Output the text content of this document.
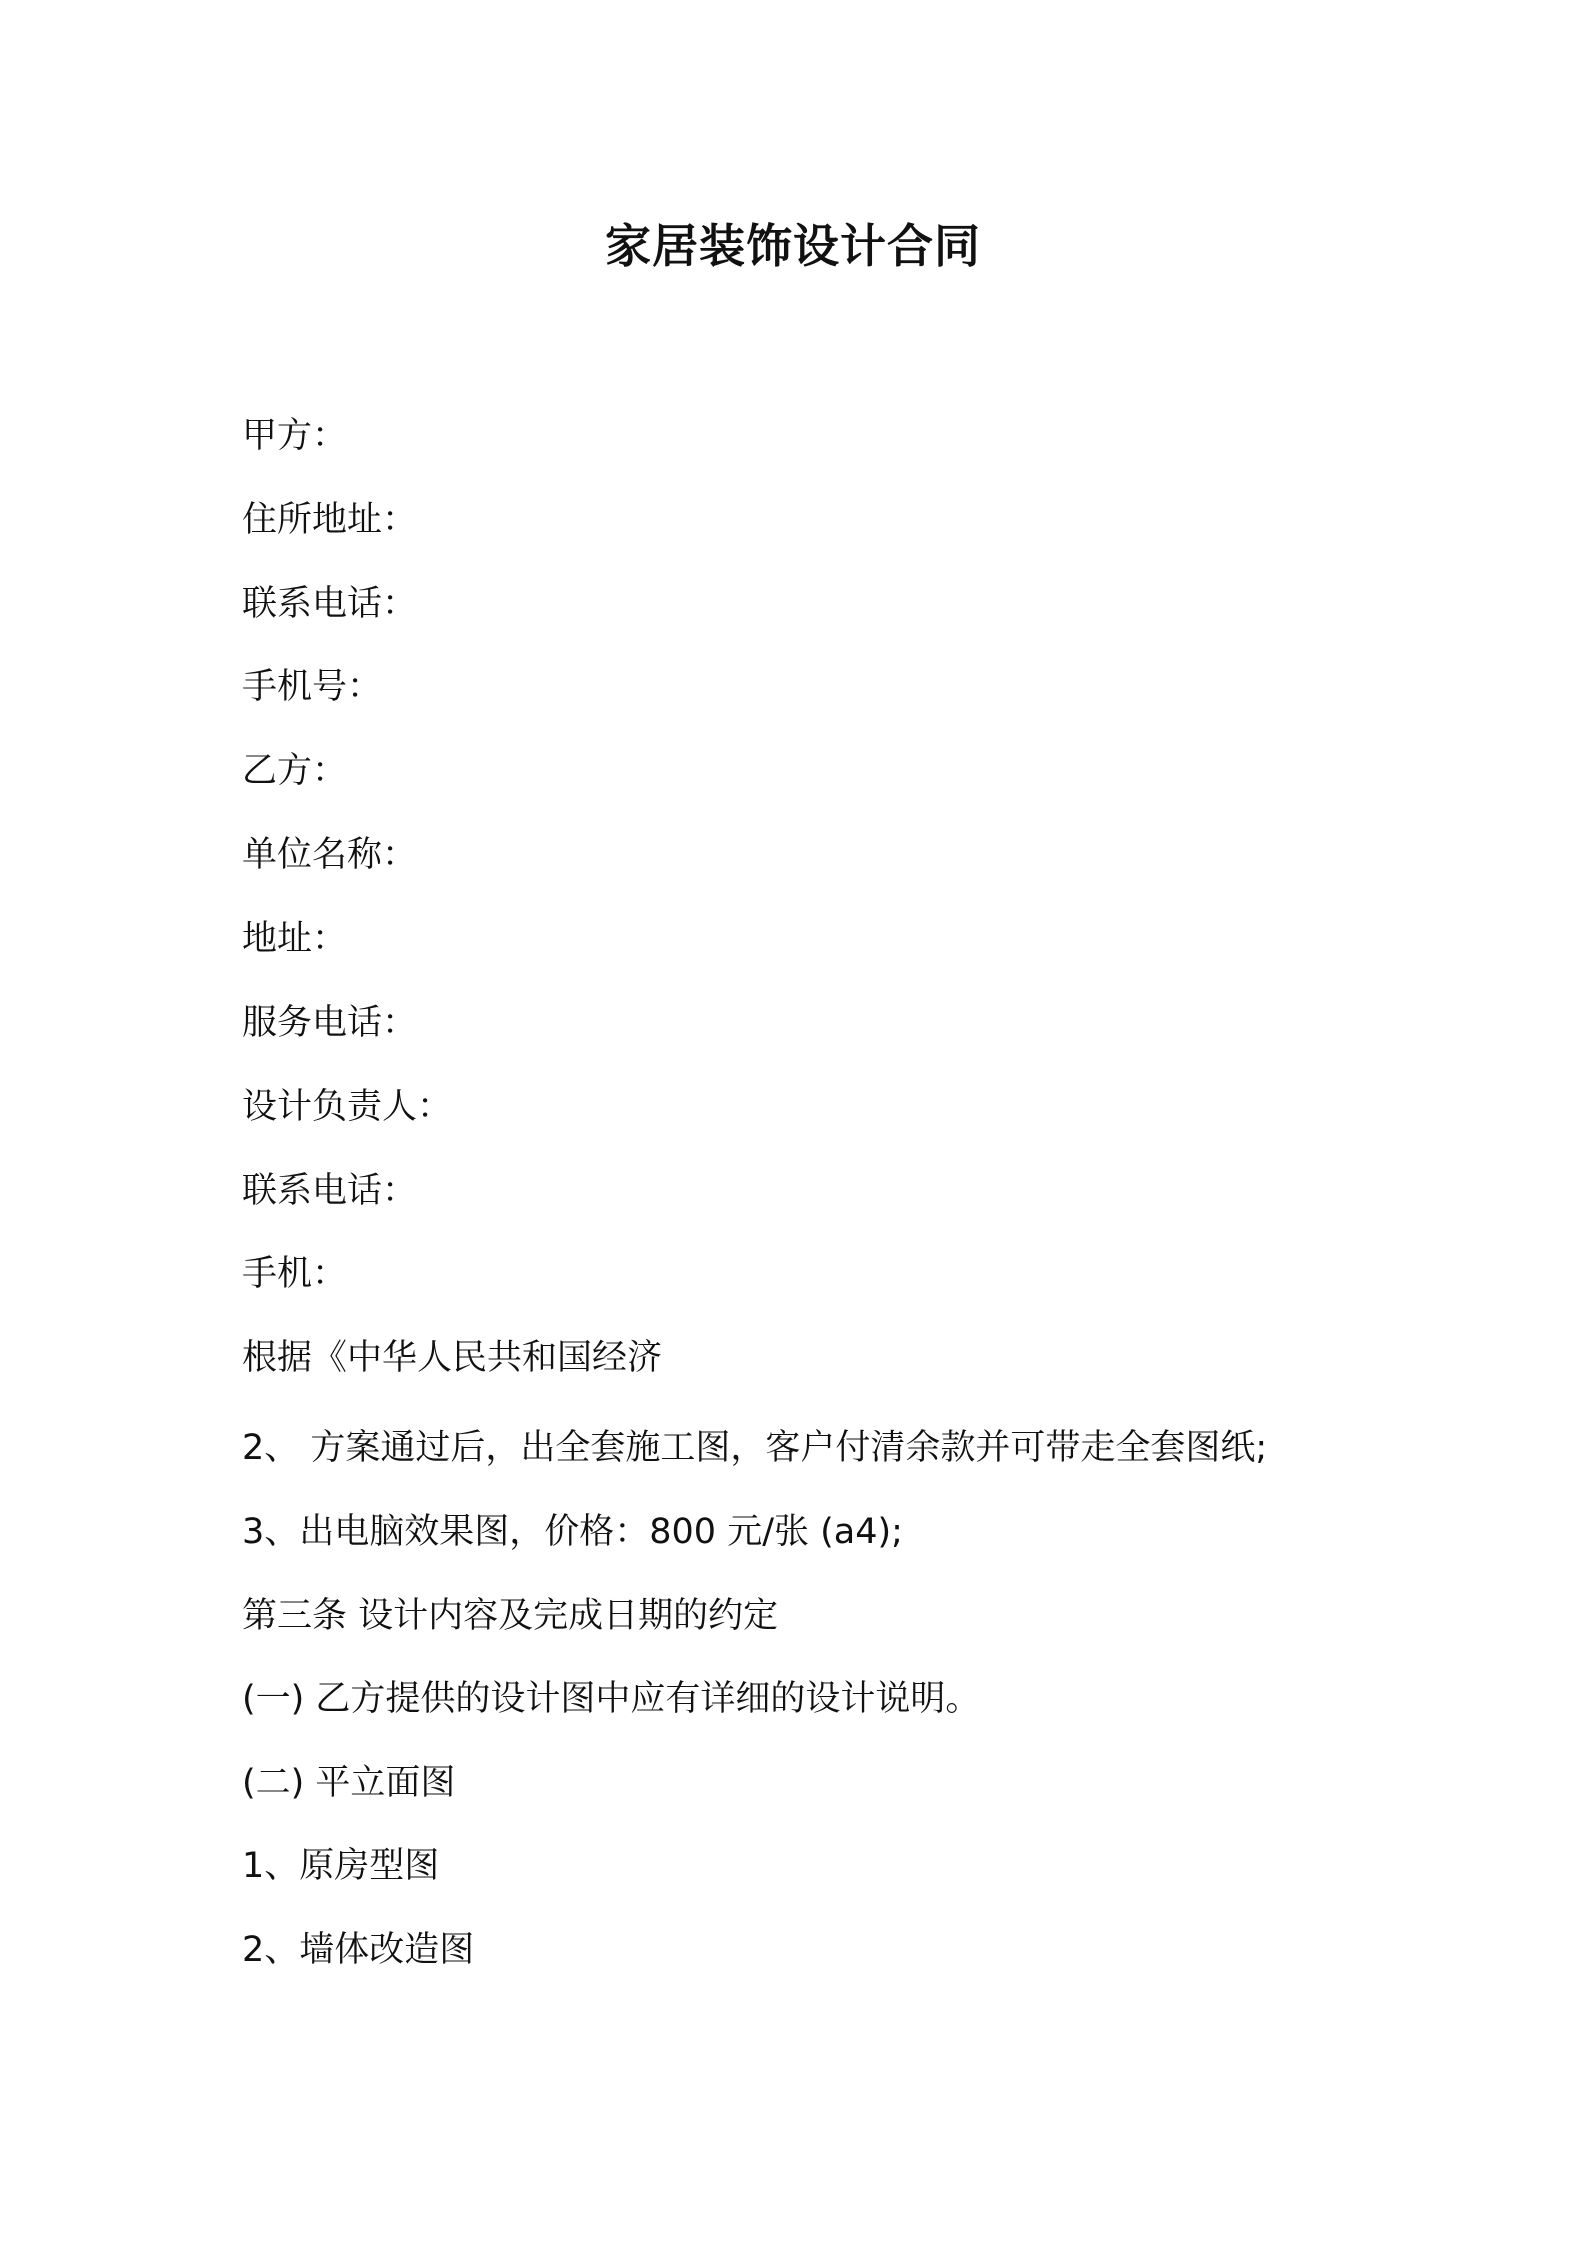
家居装饰设计合同
甲方：
住所地址：
联系电话：
手机号：
乙方：
单位名称：
地址：
服务电话：
设计负责人：
联系电话：
手机：
根据《中华人民共和国经济
2、 方案通过后，出全套施工图，客户付清余款并可带走全套图纸;
3、出电脑效果图，价格：800 元/张 (a4);
第三条 设计内容及完成日期的约定
(一) 乙方提供的设计图中应有详细的设计说明。
(二) 平立面图
1、原房型图
2、墙体改造图
